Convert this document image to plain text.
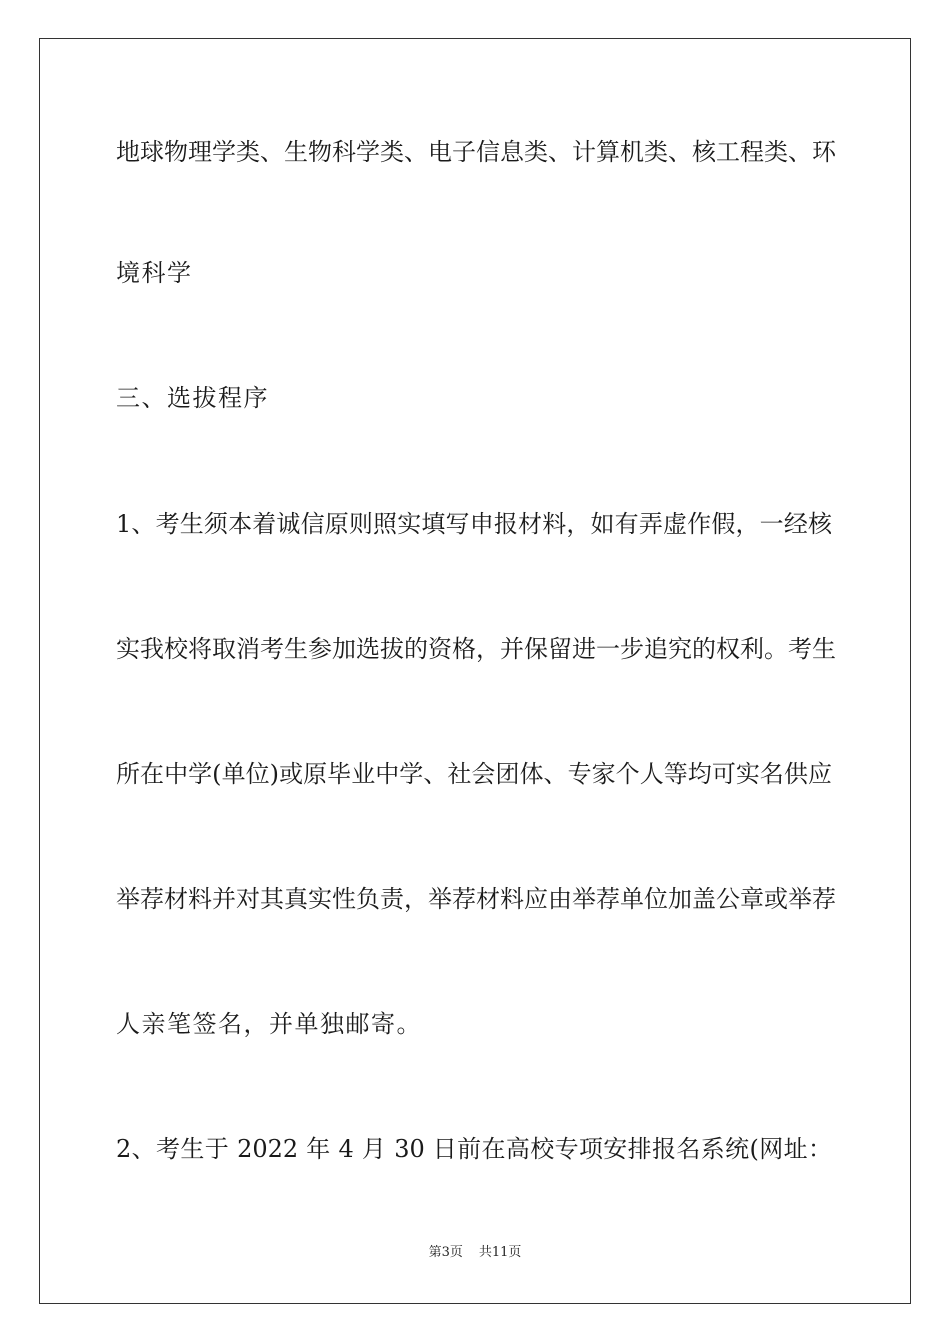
地球物理学类、生物科学类、电子信息类、计算机类、核工程类、环
境科学
三、选拔程序
1、考生须本着诚信原则照实填写申报材料，如有弄虚作假，一经核
实我校将取消考生参加选拔的资格，并保留进一步追究的权利。考生
所在中学(单位)或原毕业中学、社会团体、专家个人等均可实名供应
举荐材料并对其真实性负责，举荐材料应由举荐单位加盖公章或举荐
人亲笔签名，并单独邮寄。
2、考生于 2022 年 4 月 30 日前在高校专项安排报名系统(网址：
第3页 共11页
